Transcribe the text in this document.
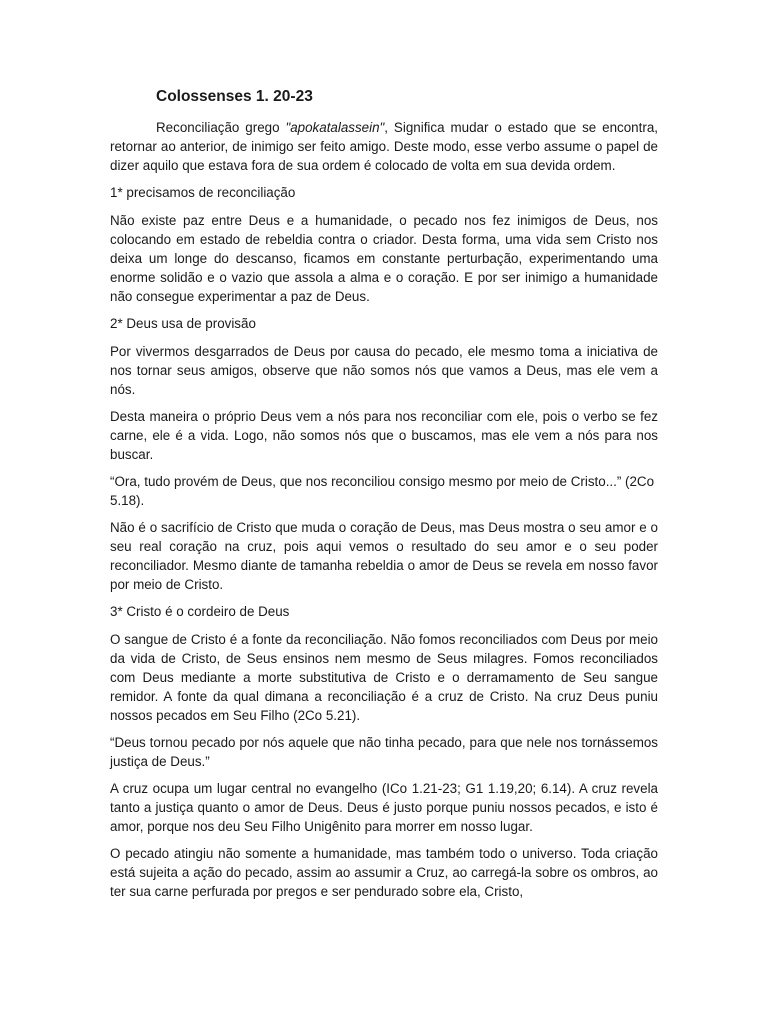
Colossenses 1. 20-23

Reconciliação grego "apokatalassein", Significa mudar o estado que se encontra, retornar ao anterior, de inimigo ser feito amigo. Deste modo, esse verbo assume o papel de dizer aquilo que estava fora de sua ordem é colocado de volta em sua devida ordem.

1* precisamos de reconciliação

Não existe paz entre Deus e a humanidade, o pecado nos fez inimigos de Deus, nos colocando em estado de rebeldia contra o criador. Desta forma, uma vida sem Cristo nos deixa um longe do descanso, ficamos em constante perturbação, experimentando uma enorme solidão e o vazio que assola a alma e o coração. E por ser inimigo a humanidade não consegue experimentar a paz de Deus.

2* Deus usa de provisão

Por vivermos desgarrados de Deus por causa do pecado, ele mesmo toma a iniciativa de nos tornar seus amigos, observe que não somos nós que vamos a Deus, mas ele vem a nós.

Desta maneira o próprio Deus vem a nós para nos reconciliar com ele, pois o verbo se fez carne, ele é a vida. Logo, não somos nós que o buscamos, mas ele vem a nós para nos buscar.

“Ora, tudo provém de Deus, que nos reconciliou consigo mesmo por meio de Cristo...” (2Co 5.18).

Não é o sacrifício de Cristo que muda o coração de Deus, mas Deus mostra o seu amor e o seu real coração na cruz, pois aqui vemos o resultado do seu amor e o seu poder reconciliador. Mesmo diante de tamanha rebeldia o amor de Deus se revela em nosso favor por meio de Cristo.

3* Cristo é o cordeiro de Deus

O sangue de Cristo é a fonte da reconciliação. Não fomos reconciliados com Deus por meio da vida de Cristo, de Seus ensinos nem mesmo de Seus milagres. Fomos reconciliados com Deus mediante a morte substitutiva de Cristo e o derramamento de Seu sangue remidor. A fonte da qual dimana a reconciliação é a cruz de Cristo. Na cruz Deus puniu nossos pecados em Seu Filho (2Co 5.21).

“Deus tornou pecado por nós aquele que não tinha pecado, para que nele nos tornássemos justiça de Deus.”

A cruz ocupa um lugar central no evangelho (ICo 1.21-23; G1 1.19,20; 6.14). A cruz revela tanto a justiça quanto o amor de Deus. Deus é justo porque puniu nossos pecados, e isto é amor, porque nos deu Seu Filho Unigênito para morrer em nosso lugar.

O pecado atingiu não somente a humanidade, mas também todo o universo. Toda criação está sujeita a ação do pecado, assim ao assumir a Cruz, ao carregá-la sobre os ombros, ao ter sua carne perfurada por pregos e ser pendurado sobre ela, Cristo,
